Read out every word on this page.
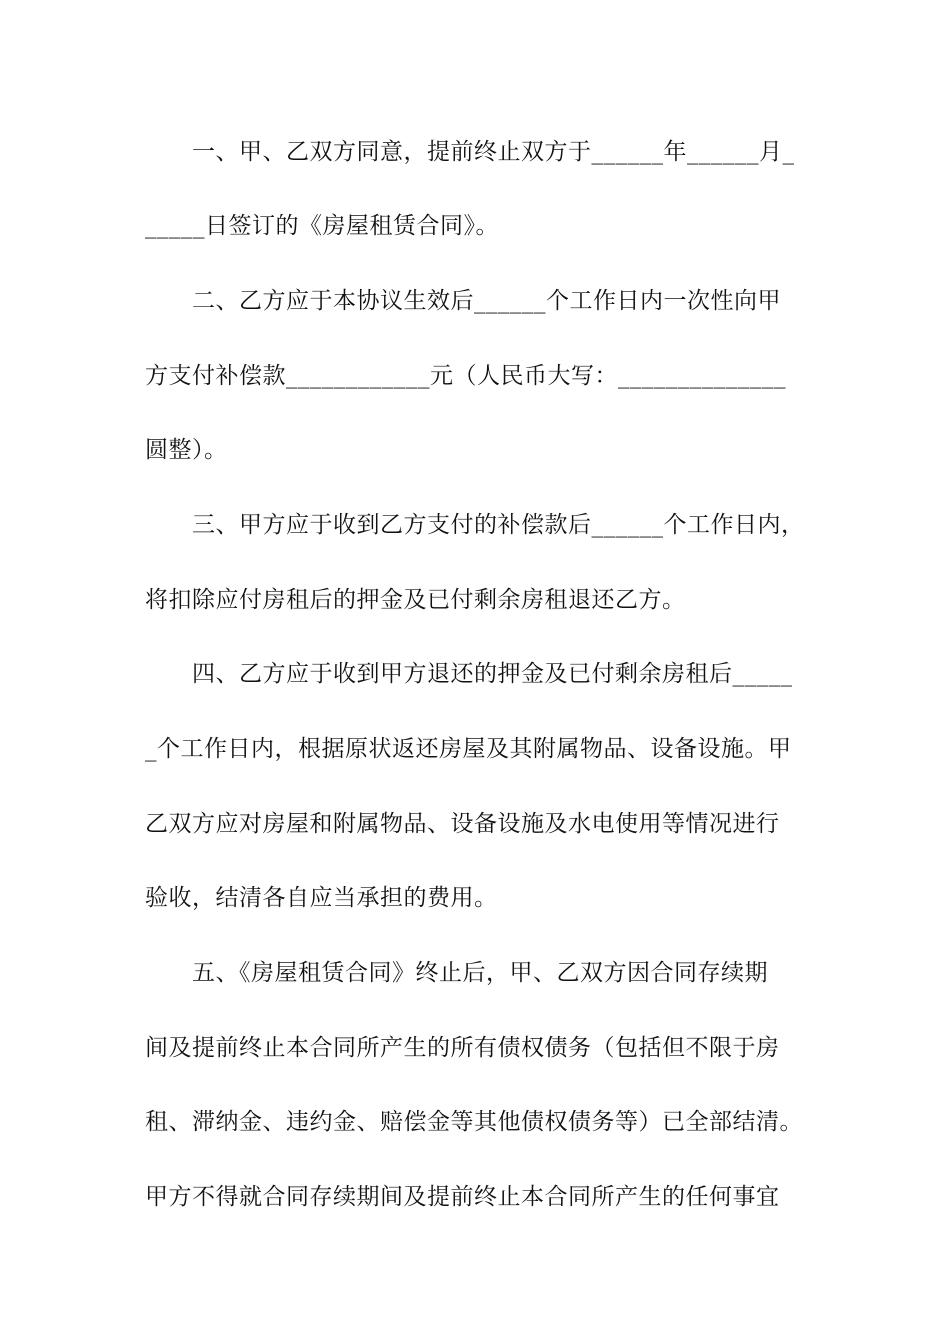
一、甲、乙双方同意，提前终止双方于______年______月_
_____日签订的《房屋租赁合同》。
二、乙方应于本协议生效后______个工作日内一次性向甲
方支付补偿款____________元（人民币大写：______________
圆整）。
三、甲方应于收到乙方支付的补偿款后______个工作日内，
将扣除应付房租后的押金及已付剩余房租退还乙方。
四、乙方应于收到甲方退还的押金及已付剩余房租后_____
_个工作日内，根据原状返还房屋及其附属物品、设备设施。甲
乙双方应对房屋和附属物品、设备设施及水电使用等情况进行
验收，结清各自应当承担的费用。
五、《房屋租赁合同》终止后，甲、乙双方因合同存续期
间及提前终止本合同所产生的所有债权债务（包括但不限于房
租、滞纳金、违约金、赔偿金等其他债权债务等）已全部结清。
甲方不得就合同存续期间及提前终止本合同所产生的任何事宜
